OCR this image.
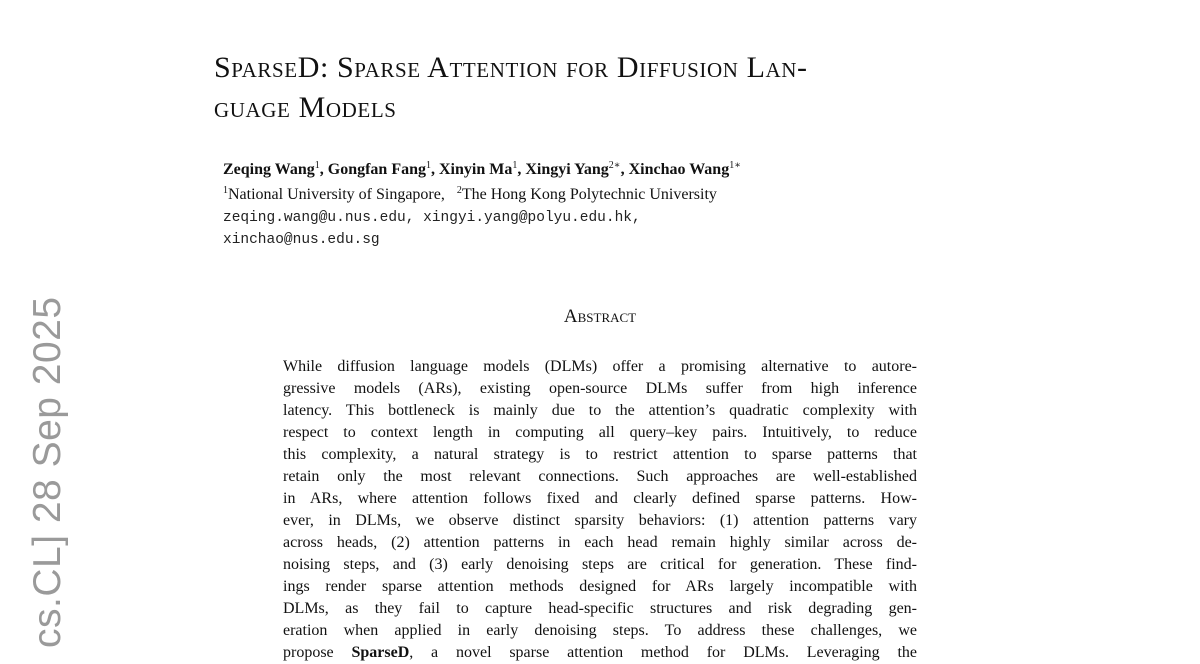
SparseD: Sparse Attention for Diffusion Lan-
guage Models
Zeqing Wang$^1$, Gongfan Fang$^1$, Xinyin Ma$^1$, Xingyi Yang$^{2∗}$, Xinchao Wang$^{1∗}$
$^1$National University of Singapore, $^2$The Hong Kong Polytechnic University
zeqing.wang@u.nus.edu, xingyi.yang@polyu.edu.hk,
xinchao@nus.edu.sg
Abstract
While diffusion language models (DLMs) offer a promising alternative to autore-
gressive models (ARs), existing open-source DLMs suffer from high inference
latency. This bottleneck is mainly due to the attention’s quadratic complexity with
respect to context length in computing all query–key pairs. Intuitively, to reduce
this complexity, a natural strategy is to restrict attention to sparse patterns that
retain only the most relevant connections. Such approaches are well-established
in ARs, where attention follows fixed and clearly defined sparse patterns. How-
ever, in DLMs, we observe distinct sparsity behaviors: (1) attention patterns vary
across heads, (2) attention patterns in each head remain highly similar across de-
noising steps, and (3) early denoising steps are critical for generation. These find-
ings render sparse attention methods designed for ARs largely incompatible with
DLMs, as they fail to capture head-specific structures and risk degrading gen-
eration when applied in early denoising steps. To address these challenges, we
propose SparseD, a novel sparse attention method for DLMs. Leveraging the
cs.CL] 28 Sep 2025
